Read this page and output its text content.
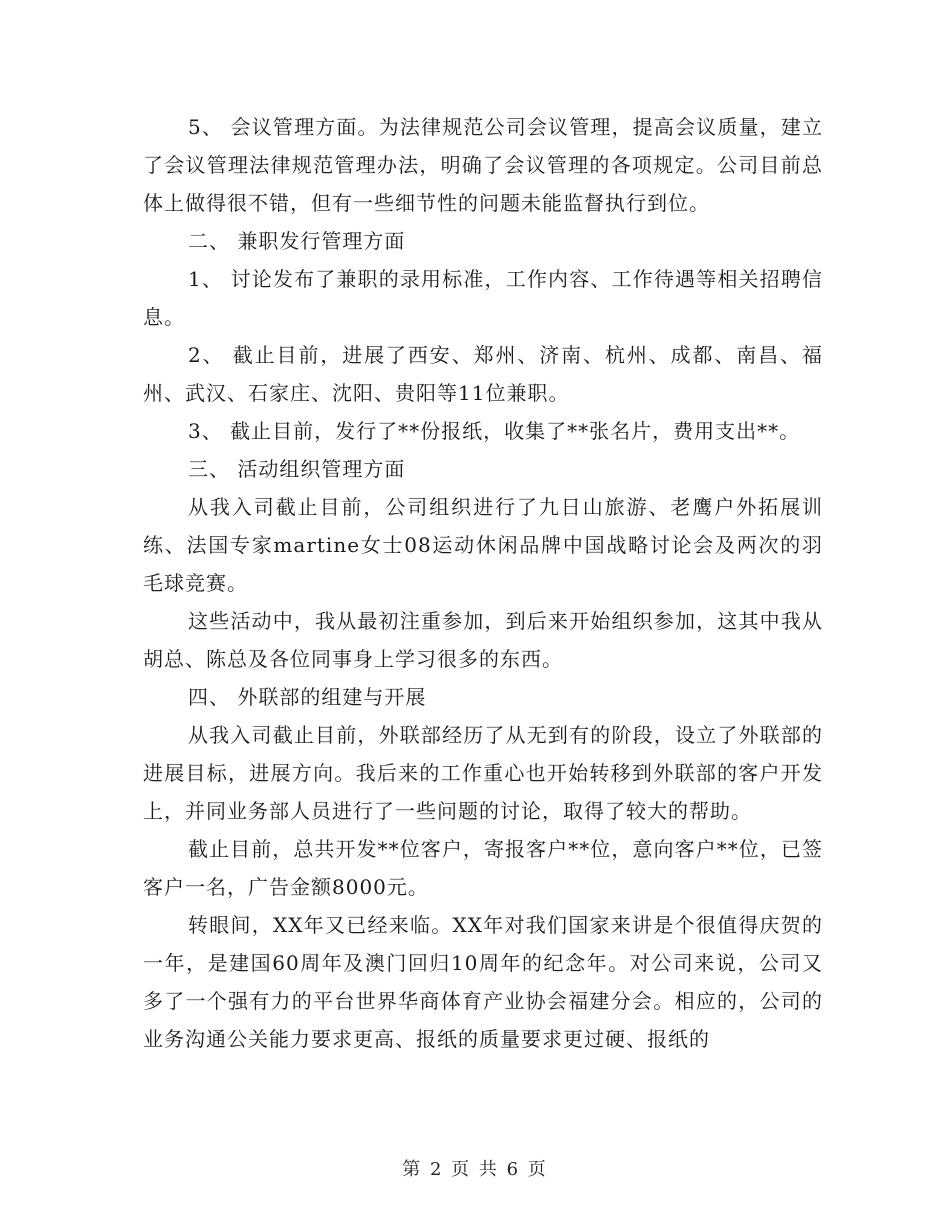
5、 会议管理方面。为法律规范公司会议管理，提高会议质量，建立了会议管理法律规范管理办法，明确了会议管理的各项规定。公司目前总体上做得很不错，但有一些细节性的问题未能监督执行到位。

二、 兼职发行管理方面

1、 讨论发布了兼职的录用标准，工作内容、工作待遇等相关招聘信息。

2、 截止目前，进展了西安、郑州、济南、杭州、成都、南昌、福州、武汉、石家庄、沈阳、贵阳等11位兼职。

3、 截止目前，发行了**份报纸，收集了**张名片，费用支出**。

三、 活动组织管理方面

从我入司截止目前，公司组织进行了九日山旅游、老鹰户外拓展训练、法国专家martine女士08运动休闲品牌中国战略讨论会及两次的羽毛球竞赛。

这些活动中，我从最初注重参加，到后来开始组织参加，这其中我从胡总、陈总及各位同事身上学习很多的东西。

四、 外联部的组建与开展

从我入司截止目前，外联部经历了从无到有的阶段，设立了外联部的进展目标，进展方向。我后来的工作重心也开始转移到外联部的客户开发上，并同业务部人员进行了一些问题的讨论，取得了较大的帮助。

截止目前，总共开发**位客户，寄报客户**位，意向客户**位，已签客户一名，广告金额8000元。

转眼间，XX年又已经来临。XX年对我们国家来讲是个很值得庆贺的一年，是建国60周年及澳门回归10周年的纪念年。对公司来说，公司又多了一个强有力的平台世界华商体育产业协会福建分会。相应的，公司的业务沟通公关能力要求更高、报纸的质量要求更过硬、报纸的

第 2 页 共 6 页
